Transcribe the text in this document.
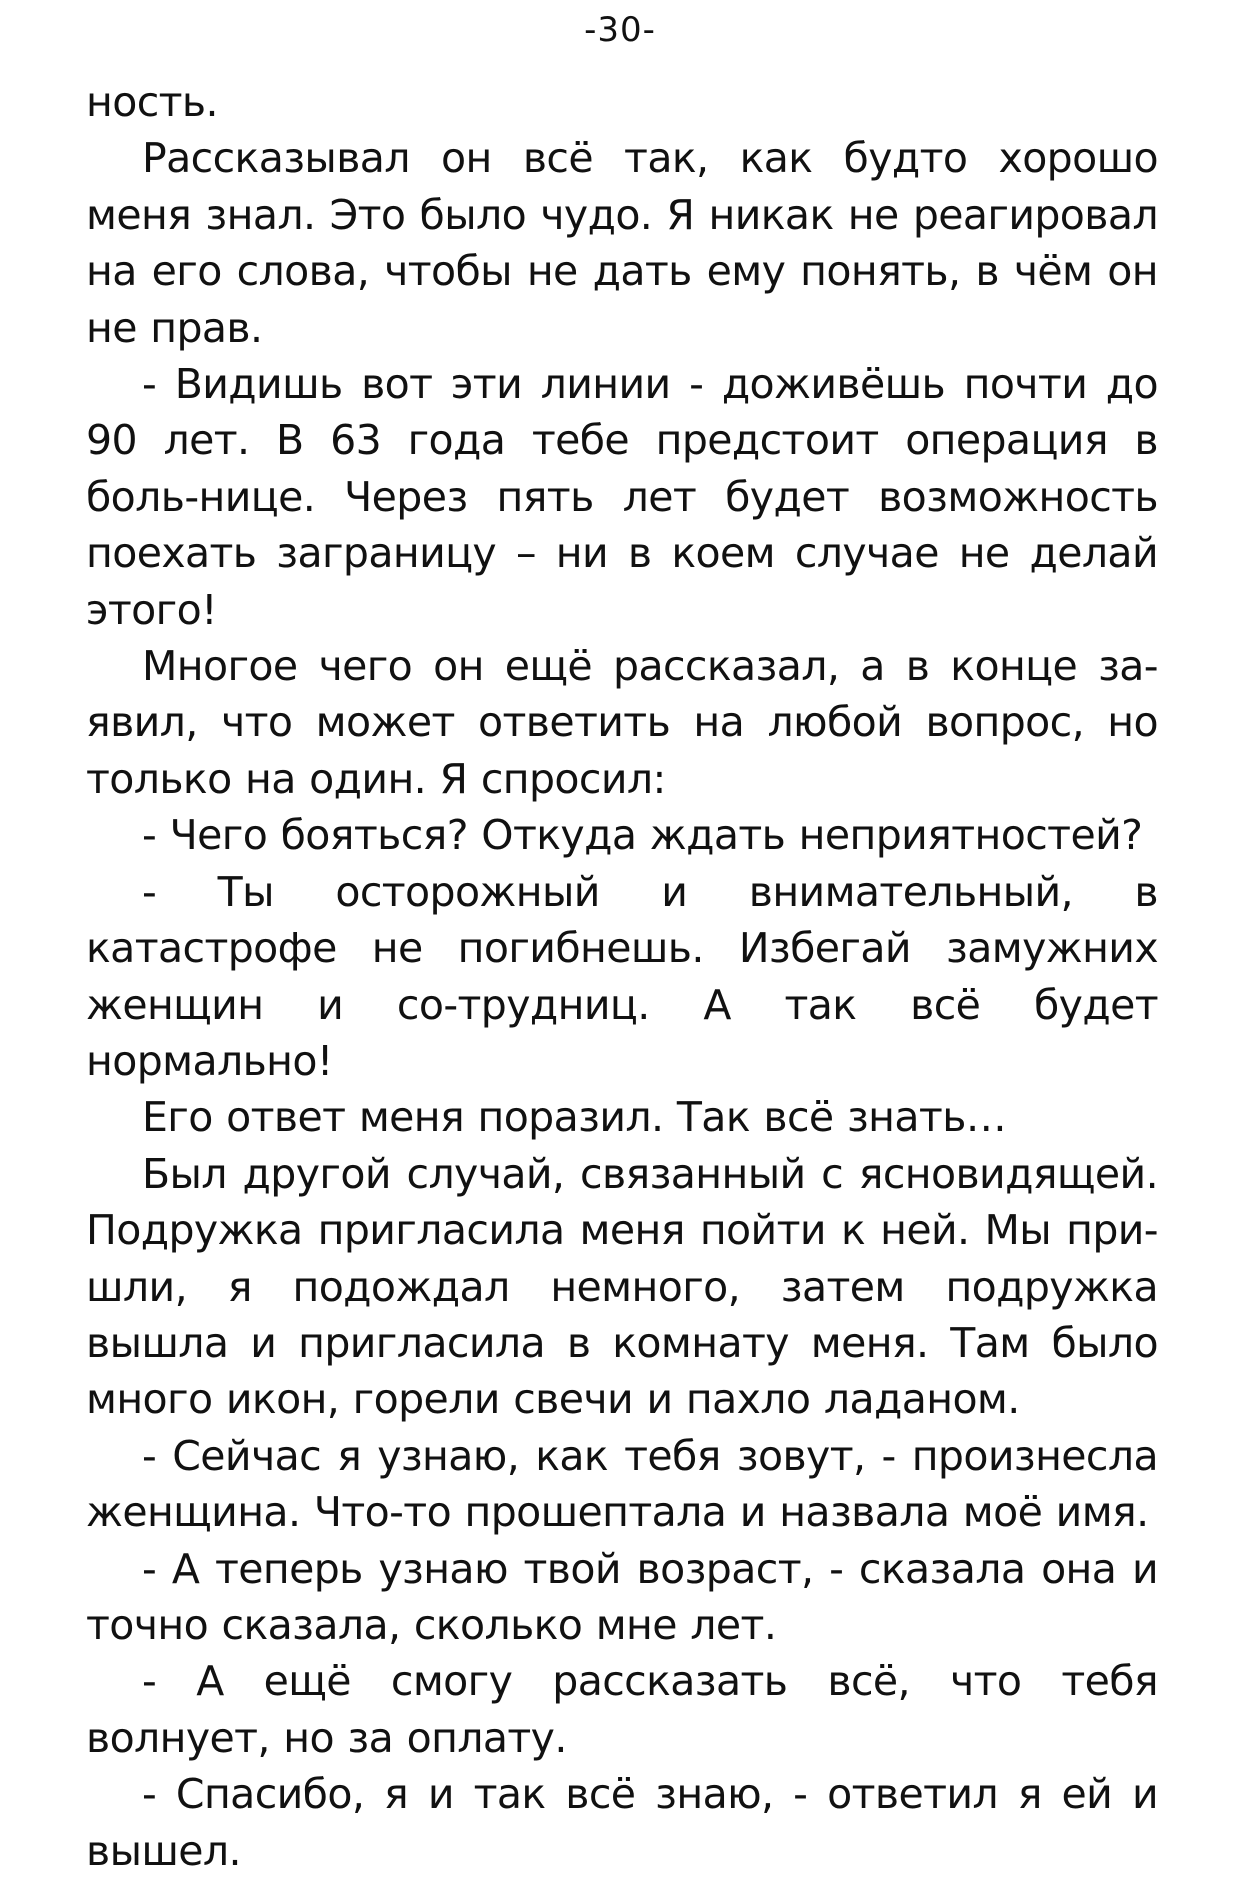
-30-

ность.

Рассказывал он всё так, как будто хорошо меня знал. Это было чудо. Я никак не реагировал на его слова, чтобы не дать ему понять, в чём он не прав.

- Видишь вот эти линии - доживёшь почти до 90 лет. В 63 года тебе предстоит операция в боль-нице. Через пять лет будет возможность поехать заграницу – ни в коем случае не делай этого!

Многое чего он ещё рассказал, а в конце за-явил, что может ответить на любой вопрос, но только на один. Я спросил:

- Чего бояться? Откуда ждать неприятностей?

- Ты осторожный и внимательный, в катастрофе не погибнешь. Избегай замужних женщин и со-трудниц. А так всё будет нормально!

Его ответ меня поразил. Так всё знать…

Был другой случай, связанный с ясновидящей. Подружка пригласила меня пойти к ней. Мы при-шли, я подождал немного, затем подружка вышла и пригласила в комнату меня. Там было много икон, горели свечи и пахло ладаном.

- Сейчас я узнаю, как тебя зовут, - произнесла женщина. Что-то прошептала и назвала моё имя.

- А теперь узнаю твой возраст, - сказала она и точно сказала, сколько мне лет.

- А ещё смогу рассказать всё, что тебя волнует, но за оплату.

- Спасибо, я и так всё знаю, - ответил я ей и вышел.
